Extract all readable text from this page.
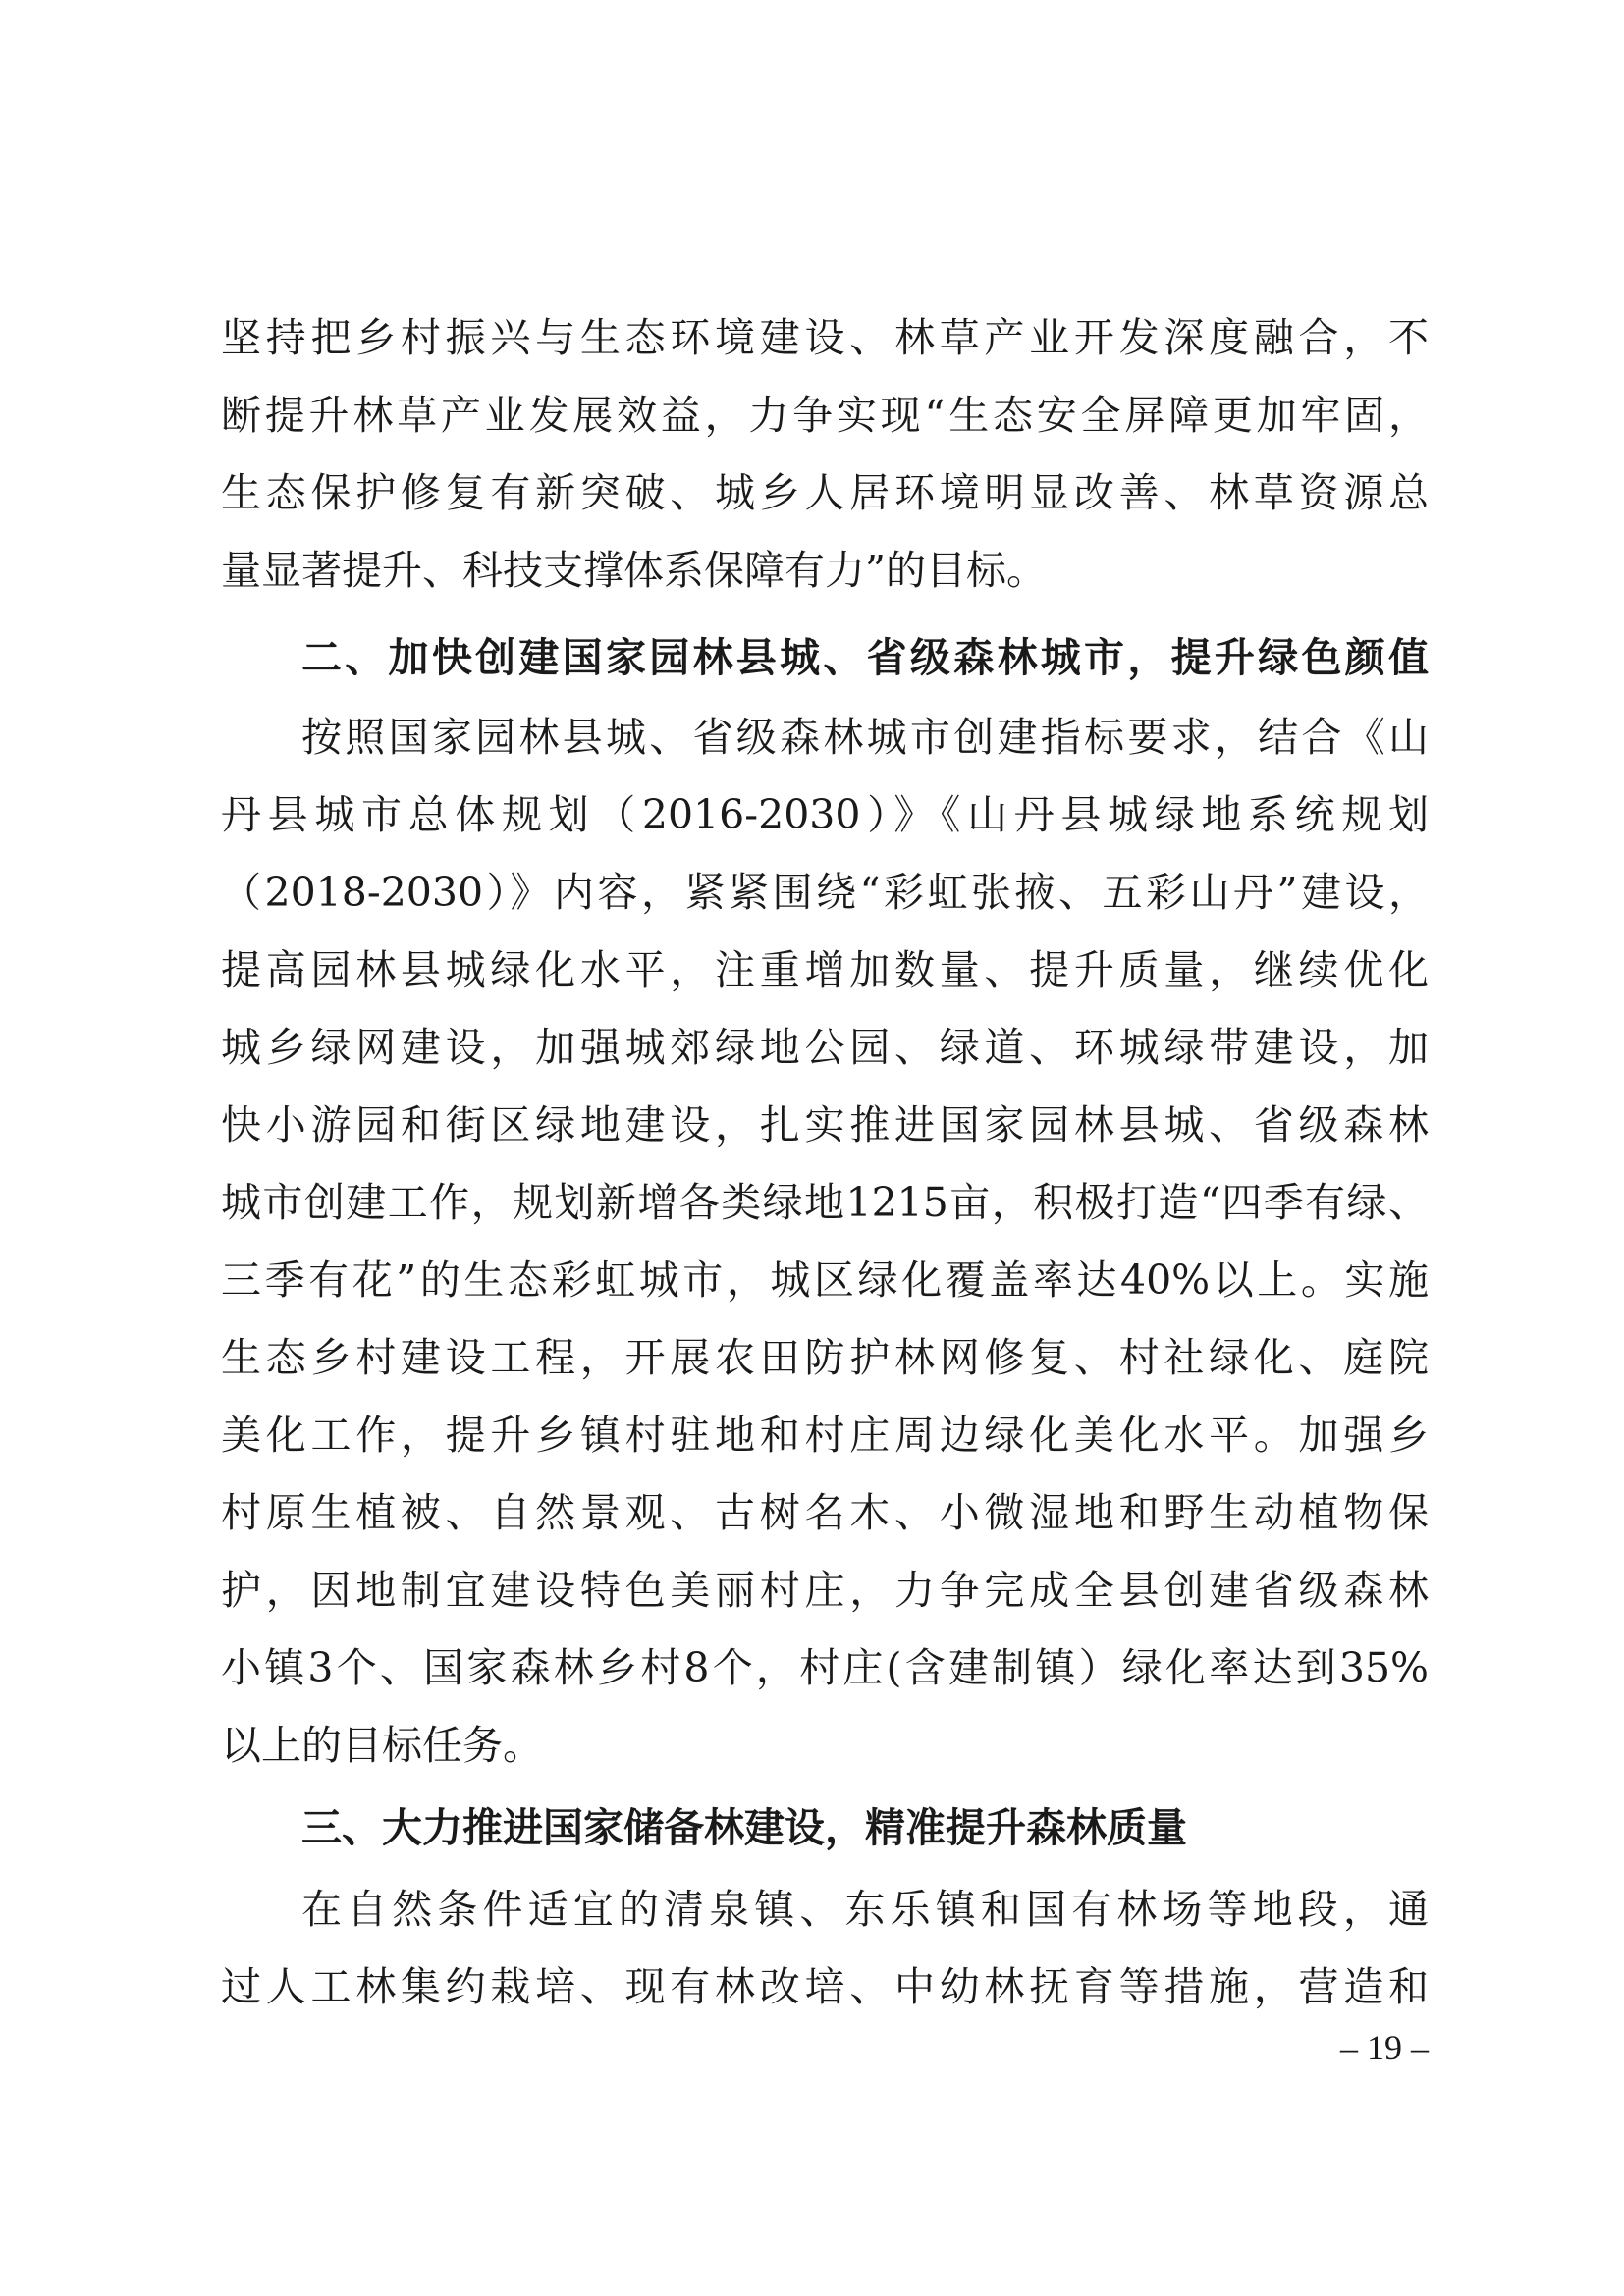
坚持把乡村振兴与生态环境建设、林草产业开发深度融合，不
断提升林草产业发展效益，力争实现“生态安全屏障更加牢固，
生态保护修复有新突破、城乡人居环境明显改善、林草资源总
量显著提升、科技支撑体系保障有力”的目标。
二、加快创建国家园林县城、省级森林城市，提升绿色颜值
按照国家园林县城、省级森林城市创建指标要求，结合《山
丹县城市总体规划（2016-2030）》《山丹县城绿地系统规划
（2018-2030）》内容，紧紧围绕“彩虹张掖、五彩山丹”建设，
提高园林县城绿化水平，注重增加数量、提升质量，继续优化
城乡绿网建设，加强城郊绿地公园、绿道、环城绿带建设，加
快小游园和街区绿地建设，扎实推进国家园林县城、省级森林
城市创建工作，规划新增各类绿地1215亩，积极打造“四季有绿、
三季有花”的生态彩虹城市，城区绿化覆盖率达40%以上。实施
生态乡村建设工程，开展农田防护林网修复、村社绿化、庭院
美化工作，提升乡镇村驻地和村庄周边绿化美化水平。加强乡
村原生植被、自然景观、古树名木、小微湿地和野生动植物保
护，因地制宜建设特色美丽村庄，力争完成全县创建省级森林
小镇3个、国家森林乡村8个，村庄(含建制镇）绿化率达到35%
以上的目标任务。
三、大力推进国家储备林建设，精准提升森林质量
在自然条件适宜的清泉镇、东乐镇和国有林场等地段，通
过人工林集约栽培、现有林改培、中幼林抚育等措施，营造和
– 19 –
